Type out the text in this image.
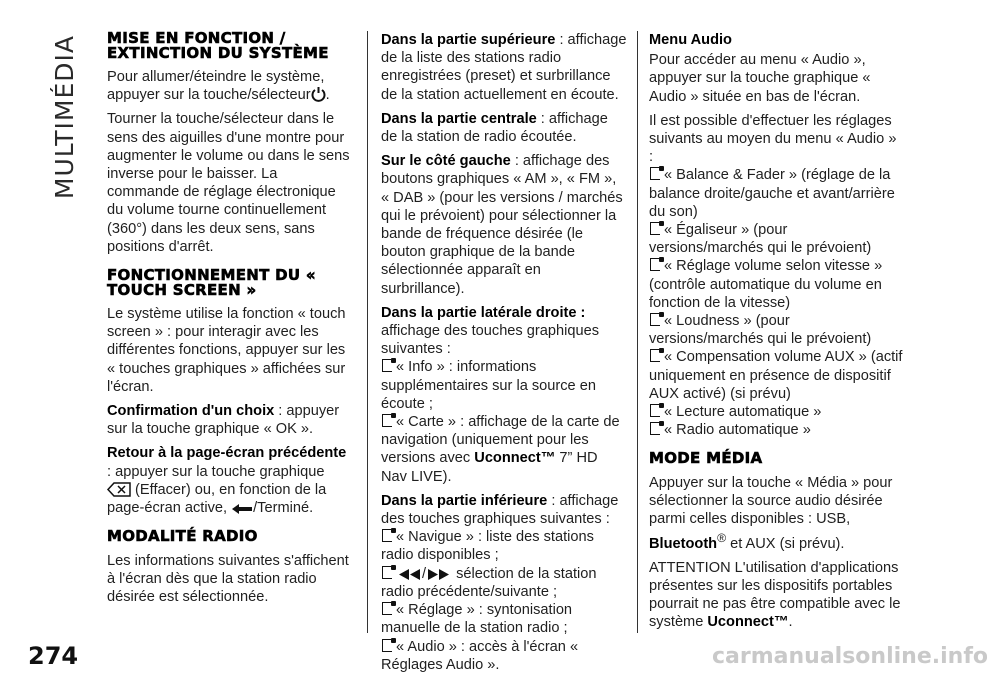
MULTIMÉDIA
274	carmanualsonline.info
MISE EN FONCTION / EXTINCTION DU SYSTÈME

Pour allumer/éteindre le système, appuyer sur la touche/sélecteur .

Tourner la touche/sélecteur dans le sens des aiguilles d'une montre pour augmenter le volume ou dans le sens inverse pour le baisser. La commande de réglage électronique du volume tourne continuellement (360°) dans les deux sens, sans positions d'arrêt.

FONCTIONNEMENT DU « TOUCH SCREEN »

Le système utilise la fonction « touch screen » : pour interagir avec les différentes fonctions, appuyer sur les « touches graphiques » affichées sur l'écran.

Confirmation d'un choix : appuyer sur la touche graphique « OK ».

Retour à la page-écran précédente : appuyer sur la touche graphique
(Effacer) ou, en fonction de la page-écran active, /Terminé.

MODALITÉ RADIO

Les informations suivantes s'affichent à l'écran dès que la station radio désirée est sélectionnée.

Dans la partie supérieure : affichage de la liste des stations radio enregistrées (preset) et surbrillance de la station actuellement en écoute.

Dans la partie centrale : affichage de la station de radio écoutée.

Sur le côté gauche : affichage des boutons graphiques « AM », « FM », « DAB » (pour les versions / marchés qui le prévoient) pour sélectionner la bande de fréquence désirée (le bouton graphique de la bande sélectionnée apparaît en surbrillance).

Dans la partie latérale droite :
affichage des touches graphiques suivantes :

« Info » : informations supplémentaires sur la source en écoute ;
« Carte » : affichage de la carte de navigation (uniquement pour les versions avec Uconnect™ 7” HD Nav LIVE).

Dans la partie inférieure : affichage des touches graphiques suivantes :

« Navigue » : liste des stations radio disponibles ;
/ sélection de la station radio précédente/suivante ;
« Réglage » : syntonisation manuelle de la station radio ;
« Audio » : accès à l'écran « Réglages Audio ».

Menu Audio

Pour accéder au menu « Audio », appuyer sur la touche graphique « Audio » située en bas de l'écran.

Il est possible d'effectuer les réglages suivants au moyen du menu « Audio » :

« Balance & Fader » (réglage de la balance droite/gauche et avant/arrière du son)
« Égaliseur » (pour versions/marchés qui le prévoient)
« Réglage volume selon vitesse » (contrôle automatique du volume en fonction de la vitesse)
« Loudness » (pour versions/marchés qui le prévoient)
« Compensation volume AUX » (actif uniquement en présence de dispositif AUX activé) (si prévu)
« Lecture automatique »
« Radio automatique »
MODE MÉDIA

Appuyer sur la touche « Média » pour sélectionner la source audio désirée parmi celles disponibles : USB,
Bluetooth® et AUX (si prévu).

ATTENTION L'utilisation d'applications présentes sur les dispositifs portables pourrait ne pas être compatible avec le système Uconnect™.
